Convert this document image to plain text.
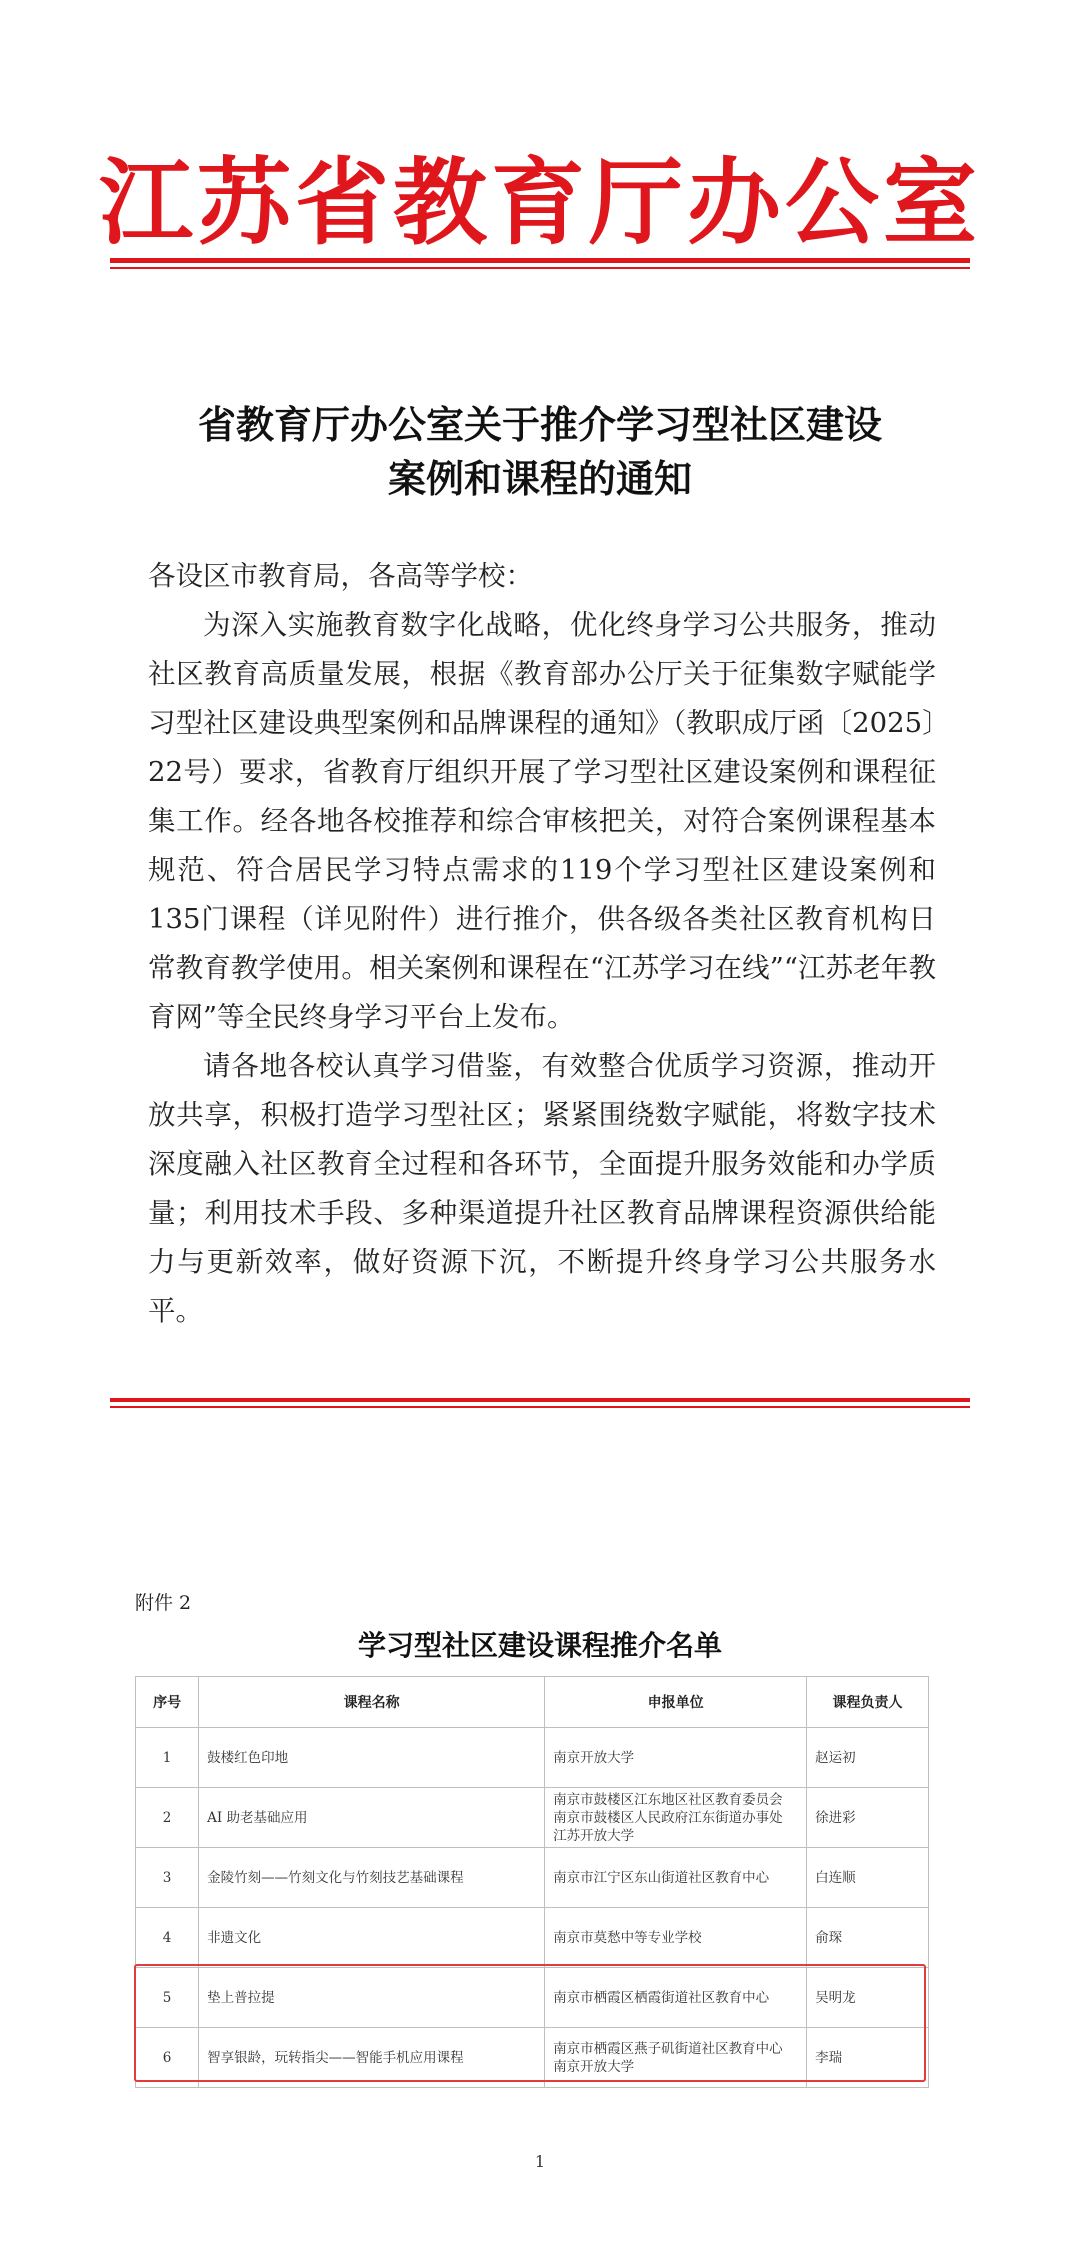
江苏省教育厅办公室
省教育厅办公室关于推介学习型社区建设
案例和课程的通知

各设区市教育局，各高等学校：

为深入实施教育数字化战略，优化终身学习公共服务，推动社区教育高质量发展，根据《教育部办公厅关于征集数字赋能学习型社区建设典型案例和品牌课程的通知》（教职成厅函〔2025〕22号）要求，省教育厅组织开展了学习型社区建设案例和课程征集工作。经各地各校推荐和综合审核把关，对符合案例课程基本规范、符合居民学习特点需求的119个学习型社区建设案例和135门课程（详见附件）进行推介，供各级各类社区教育机构日常教育教学使用。相关案例和课程在“江苏学习在线”“江苏老年教育网”等全民终身学习平台上发布。

请各地各校认真学习借鉴，有效整合优质学习资源，推动开放共享，积极打造学习型社区；紧紧围绕数字赋能，将数字技术深度融入社区教育全过程和各环节，全面提升服务效能和办学质量；利用技术手段、多种渠道提升社区教育品牌课程资源供给能力与更新效率，做好资源下沉，不断提升终身学习公共服务水平。

附件 2
学习型社区建设课程推介名单
序号	课程名称	申报单位	课程负责人
1	鼓楼红色印地	南京开放大学	赵运初
2	AI 助老基础应用	南京市鼓楼区江东地区社区教育委员会
南京市鼓楼区人民政府江东街道办事处
江苏开放大学	徐进彩
3	金陵竹刻——竹刻文化与竹刻技艺基础课程	南京市江宁区东山街道社区教育中心	白连顺
4	非遗文化	南京市莫愁中等专业学校	俞琛
5	垫上普拉提	南京市栖霞区栖霞街道社区教育中心	吴明龙
6	智享银龄，玩转指尖——智能手机应用课程	南京市栖霞区燕子矶街道社区教育中心
南京开放大学	李瑞
1
